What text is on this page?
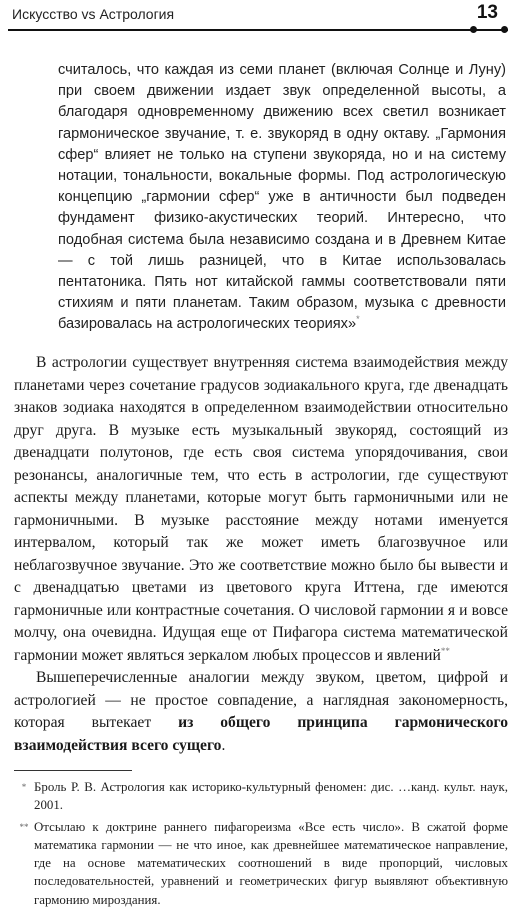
Искусство vs Астрология	13
считалось, что каждая из семи планет (включая Солнце и Луну) при своем движении издает звук определенной высоты, а благодаря одновременному движению всех светил возникает гармоническое звучание, т. е. звукоряд в одну октаву. „Гармония сфер“ влияет не только на ступени звукоряда, но и на систему нотации, тональности, вокальные формы. Под астрологическую концепцию „гармонии сфер“ уже в античности был подведен фундамент физико-акустических теорий. Интересно, что подобная система была независимо создана и в Древнем Китае — с той лишь разницей, что в Китае использовалась пентатоника. Пять нот китайской гаммы соответствовали пяти стихиям и пяти планетам. Таким образом, музыка с древности базировалась на астрологических теориях»*

В астрологии существует внутренняя система взаимодействия между планетами через сочетание градусов зодиакального круга, где двенадцать знаков зодиака находятся в определенном взаимодействии относительно друг друга. В музыке есть музыкальный звукоряд, состоящий из двенадцати полутонов, где есть своя система упорядочивания, свои резонансы, аналогичные тем, что есть в астрологии, где существуют аспекты между планетами, которые могут быть гармоничными или не гармоничными. В музыке расстояние между нотами именуется интервалом, который так же может иметь благозвучное или неблагозвучное звучание. Это же соответствие можно было бы вывести и с двенадцатью цветами из цветового круга Иттена, где имеются гармоничные или контрастные сочетания. О числовой гармонии я и вовсе молчу, она очевидна. Идущая еще от Пифагора система математической гармонии может являться зеркалом любых процессов и явлений**

Вышеперечисленные аналогии между звуком, цветом, цифрой и астрологией — не простое совпадение, а наглядная закономерность, которая вытекает из общего принципа гармонического взаимодействия всего сущего.

* Броль Р. В. Астрология как историко-культурный феномен: дис. …канд. культ. наук, 2001.

** Отсылаю к доктрине раннего пифагореизма «Все есть число». В сжатой форме математика гармонии — не что иное, как древнейшее математическое направление, где на основе математических соотношений в виде пропорций, числовых последовательностей, уравнений и геометрических фигур выявляют объективную гармонию мироздания.
